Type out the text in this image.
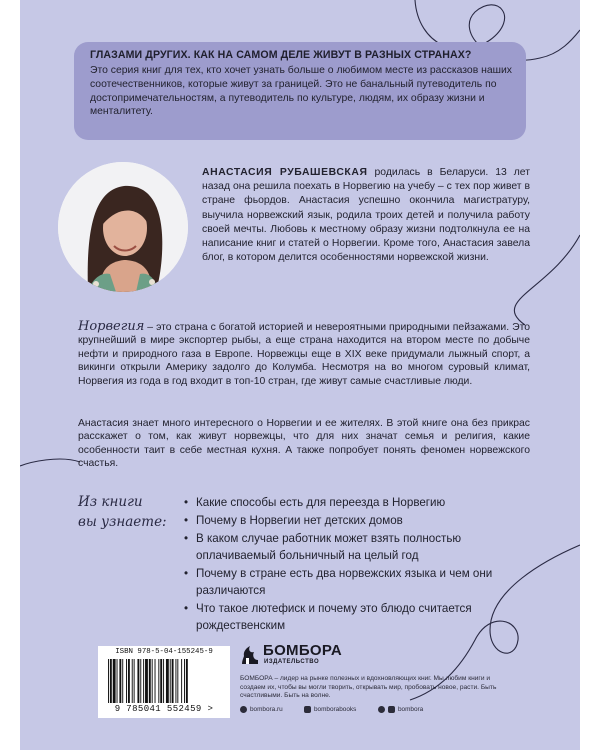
ГЛАЗАМИ ДРУГИХ. КАК НА САМОМ ДЕЛЕ ЖИВУТ В РАЗНЫХ СТРАНАХ?
Это серия книг для тех, кто хочет узнать больше о любимом месте из рассказов наших соотечественников, которые живут за границей. Это не банальный путеводитель по достопримечательностям, а путеводитель по культуре, людям, их образу жизни и менталитету.
АНАСТАСИЯ РУБАШЕВСКАЯ родилась в Беларуси. 13 лет назад она решила поехать в Норвегию на учебу – с тех пор живет в стране фьордов. Анастасия успешно окончила магистратуру, выучила норвежский язык, родила троих детей и получила работу своей мечты. Любовь к местному образу жизни подтолкнула ее на написание книг и статей о Норвегии. Кроме того, Анастасия завела блог, в котором делится особенностями норвежской жизни.
Норвегия – это страна с богатой историей и невероятными природными пейзажами. Это крупнейший в мире экспортер рыбы, а еще страна находится на втором месте по добыче нефти и природного газа в Европе. Норвежцы еще в XIX веке придумали лыжный спорт, а викинги открыли Америку задолго до Колумба. Несмотря на во многом суровый климат, Норвегия из года в год входит в топ-10 стран, где живут самые счастливые люди.
Анастасия знает много интересного о Норвегии и ее жителях. В этой книге она без прикрас расскажет о том, как живут норвежцы, что для них значат семья и религия, какие особенности таит в себе местная кухня. А также попробует понять феномен норвежского счастья.
Из книги
вы узнаете:
• Какие способы есть для переезда в Норвегию
• Почему в Норвегии нет детских домов
• В каком случае работник может взять полностью оплачиваемый больничный на целый год
• Почему в стране есть два норвежских языка и чем они различаются
• Что такое лютефиск и почему это блюдо считается рождественским
ISBN 978-5-04-155245-9
9 785041 552459 >
БОМБОРА
ИЗДАТЕЛЬСТВО
БОМБОРА – лидер на рынке полезных и вдохновляющих книг. Мы любим книги и создаем их, чтобы вы могли творить, открывать мир, пробовать новое, расти. Быть счастливыми. Быть на волне.
bombora.ru	bomborabooks	bombora
